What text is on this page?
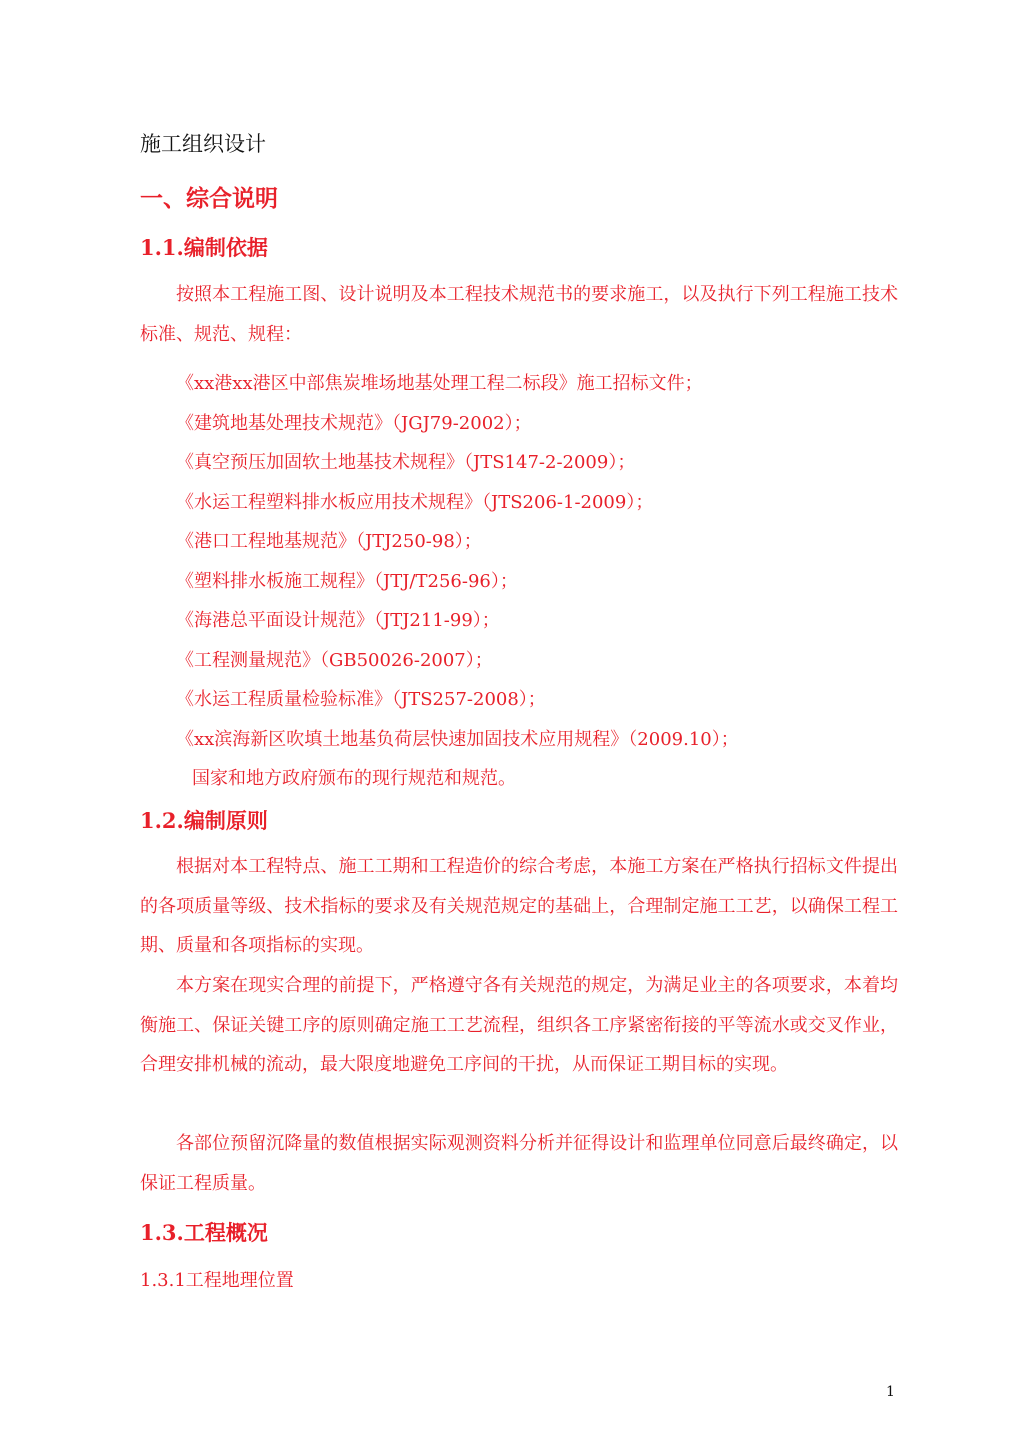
施工组织设计
一、综合说明
1.1.编制依据

按照本工程施工图、设计说明及本工程技术规范书的要求施工，以及执行下列工程施工技术标准、规范、规程：

《xx港xx港区中部焦炭堆场地基处理工程二标段》施工招标文件；
《建筑地基处理技术规范》（JGJ79-2002）；
《真空预压加固软土地基技术规程》（JTS147-2-2009）；
《水运工程塑料排水板应用技术规程》（JTS206-1-2009）；
《港口工程地基规范》（JTJ250-98）；
《塑料排水板施工规程》（JTJ/T256-96）；
《海港总平面设计规范》（JTJ211-99）；
《工程测量规范》（GB50026-2007）；
《水运工程质量检验标准》（JTS257-2008）；
《xx滨海新区吹填土地基负荷层快速加固技术应用规程》（2009.10）；
国家和地方政府颁布的现行规范和规范。
1.2.编制原则

根据对本工程特点、施工工期和工程造价的综合考虑，本施工方案在严格执行招标文件提出的各项质量等级、技术指标的要求及有关规范规定的基础上，合理制定施工工艺，以确保工程工期、质量和各项指标的实现。

本方案在现实合理的前提下，严格遵守各有关规范的规定，为满足业主的各项要求，本着均衡施工、保证关键工序的原则确定施工工艺流程，组织各工序紧密衔接的平等流水或交叉作业，合理安排机械的流动，最大限度地避免工序间的干扰，从而保证工期目标的实现。

各部位预留沉降量的数值根据实际观测资料分析并征得设计和监理单位同意后最终确定，以保证工程质量。

1.3.工程概况
1.3.1工程地理位置
1
